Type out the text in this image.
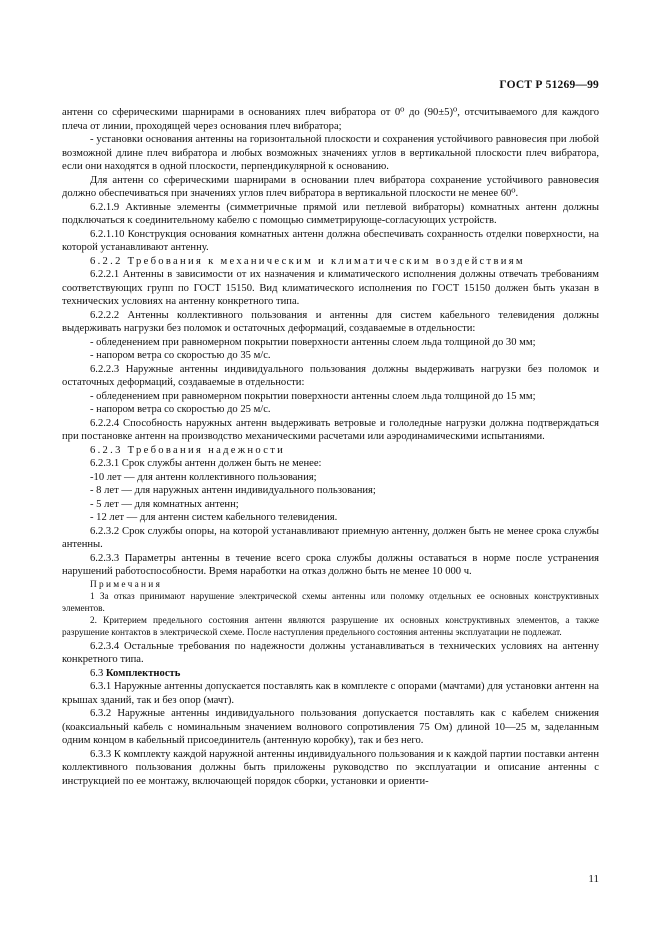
ГОСТ Р 51269—99

антенн со сферическими шарнирами в основаниях плеч вибратора от 0⁰ до (90±5)⁰, отсчитываемого для каждого плеча от линии, проходящей через основания плеч вибратора;

- установки основания антенны на горизонтальной плоскости и сохранения устойчивого равновесия при любой возможной длине плеч вибратора и любых возможных значениях углов в вертикальной плоскости плеч вибратора, если они находятся в одной плоскости, перпендикулярной к основанию.

Для антенн со сферическими шарнирами в основании плеч вибратора сохранение устойчивого равновесия должно обеспечиваться при значениях углов плеч вибратора в вертикальной плоскости не менее 60⁰.

6.2.1.9 Активные элементы (симметричные прямой или петлевой вибраторы) комнатных антенн должны подключаться к соединительному кабелю с помощью симметрирующе-согласующих устройств.

6.2.1.10 Конструкция основания комнатных антенн должна обеспечивать сохранность отделки поверхности, на которой устанавливают антенну.

6.2.2 Требования к механическим и климатическим воздействиям

6.2.2.1 Антенны в зависимости от их назначения и климатического исполнения должны отвечать требованиям соответствующих групп по ГОСТ 15150. Вид климатического исполнения по ГОСТ 15150 должен быть указан в технических условиях на антенну конкретного типа.

6.2.2.2 Антенны коллективного пользования и антенны для систем кабельного телевидения должны выдерживать нагрузки без поломок и остаточных деформаций, создаваемые в отдельности:

- обледенением при равномерном покрытии поверхности антенны слоем льда толщиной до 30 мм;

- напором ветра со скоростью до 35 м/с.

6.2.2.3 Наружные антенны индивидуального пользования должны выдерживать нагрузки без поломок и остаточных деформаций, создаваемые в отдельности:

- обледенением при равномерном покрытии поверхности антенны слоем льда толщиной до 15 мм;

- напором ветра со скоростью до 25 м/с.

6.2.2.4 Способность наружных антенн выдерживать ветровые и гололедные нагрузки должна подтверждаться при постановке антенн на производство механическими расчетами или аэродинамическими испытаниями.

6.2.3 Требования надежности

6.2.3.1 Срок службы антенн должен быть не менее:

-10 лет — для антенн коллективного пользования;

- 8 лет — для наружных антенн индивидуального пользования;

- 5 лет — для комнатных антенн;

- 12 лет — для антенн систем кабельного телевидения.

6.2.3.2 Срок службы опоры, на которой устанавливают приемную антенну, должен быть не менее срока службы антенны.

6.2.3.3 Параметры антенны в течение всего срока службы должны оставаться в норме после устранения нарушений работоспособности. Время наработки на отказ должно быть не менее 10 000 ч.

Примечания

1 За отказ принимают нарушение электрической схемы антенны или поломку отдельных ее основных конструктивных элементов.

2. Критерием предельного состояния антенн являются разрушение их основных конструктивных элементов, а также разрушение контактов в электрической схеме. После наступления предельного состояния антенны эксплуатации не подлежат.

6.2.3.4 Остальные требования по надежности должны устанавливаться в технических условиях на антенну конкретного типа.

6.3 Комплектность

6.3.1 Наружные антенны допускается поставлять как в комплекте с опорами (мачтами) для установки антенн на крышах зданий, так и без опор (мачт).

6.3.2 Наружные антенны индивидуального пользования допускается поставлять как с кабелем снижения (коаксиальный кабель с номинальным значением волнового сопротивления 75 Ом) длиной 10—25 м, заделанным одним концом в кабельный присоединитель (антенную коробку), так и без него.

6.3.3 К комплекту каждой наружной антенны индивидуального пользования и к каждой партии поставки антенн коллективного пользования должны быть приложены руководство по эксплуатации и описание антенны с инструкцией по ее монтажу, включающей порядок сборки, установки и ориенти-

11
